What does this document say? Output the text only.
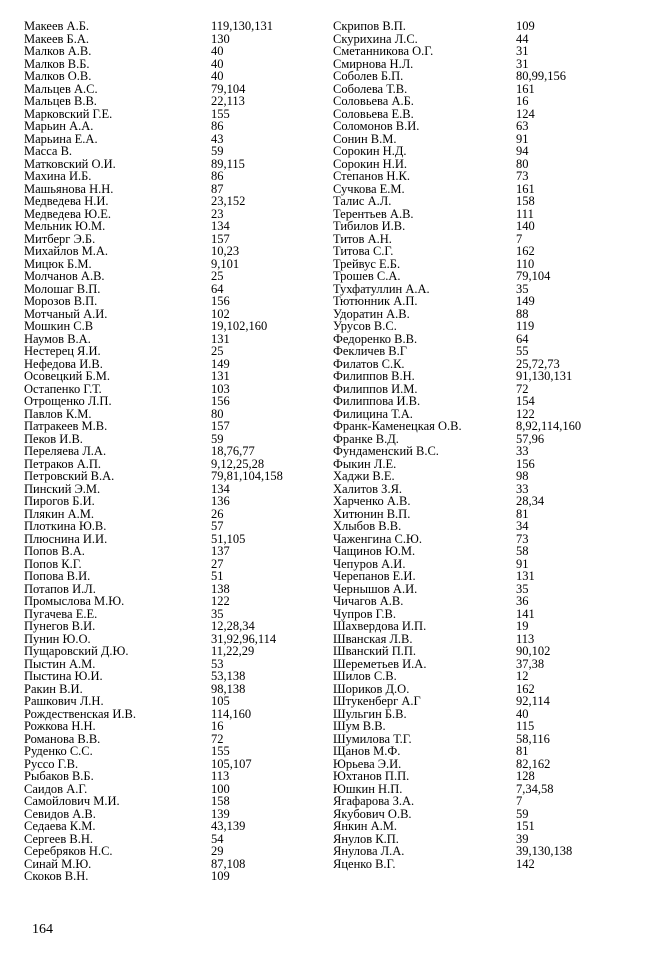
Макеев А.Б.	119,130,131
Макеев Б.А.	130
Малков А.В.	40
Малков В.Б.	40
Малков О.В.	40
Мальцев А.С.	79,104
Мальцев В.В.	22,113
Марковский Г.Е.	155
Марьин А.А.	86
Марьина Е.А.	43
Масса В.	59
Матковский О.И.	89,115
Махина И.Б.	86
Машьянова Н.Н.	87
Медведева Н.И.	23,152
Медведева Ю.Е.	23
Мельник Ю.М.	134
Митберг Э.Б.	157
Михайлов М.А.	10,23
Мицюк Б.М.	9,101
Молчанов А.В.	25
Молошаг В.П.	64
Морозов В.П.	156
Мотчаный А.И.	102
Мошкин С.В	19,102,160
Наумов В.А.	131
Нестерец Я.И.	25
Нефедова И.В.	149
Осовецкий Б.М.	131
Остапенко Г.Т.	103
Отрощенко Л.П.	156
Павлов К.М.	80
Патракеев М.В.	157
Пеков И.В.	59
Переляева Л.А.	18,76,77
Петраков А.П.	9,12,25,28
Петровский В.А.	79,81,104,158
Пинский Э.М.	134
Пирогов Б.И.	136
Плякин А.М.	26
Плоткина Ю.В.	57
Плюснина И.И.	51,105
Попов В.А.	137
Попов К.Г.	27
Попова В.И.	51
Потапов И.Л.	138
Промыслова М.Ю.	122
Пугачева Е.Е.	35
Пунегов В.И.	12,28,34
Пунин Ю.О.	31,92,96,114
Пущаровский Д.Ю.	11,22,29
Пыстин А.М.	53
Пыстина Ю.И.	53,138
Ракин В.И.	98,138
Рашкович Л.Н.	105
Рождественская И.В.	114,160
Рожкова Н.Н.	16
Романова В.В.	72
Руденко С.С.	155
Руссо Г.В.	105,107
Рыбаков В.Б.	113
Саидов А.Г.	100
Самойлович М.И.	158
Севидов А.В.	139
Седаева К.М.	43,139
Сергеев В.Н.	54
Серебряков Н.С.	29
Синай М.Ю.	87,108
Скоков В.Н.	109
Скрипов В.П.	109
Скурихина Л.С.	44
Сметанникова О.Г.	31
Смирнова Н.Л.	31
Соболев Б.П.	80,99,156
Соболева Т.В.	161
Соловьева А.Б.	16
Соловьева Е.В.	124
Соломонов В.И.	63
Сонин В.М.	91
Сорокин Н.Д.	94
Сорокин Н.И.	80
Степанов Н.К.	73
Сучкова Е.М.	161
Талис А.Л.	158
Терентьев А.В.	111
Тибилов И.В.	140
Титов А.Н.	7
Титова С.Г.	162
Трейвус Е.Б.	110
Трошев С.А.	79,104
Тухфатуллин А.А.	35
Тютюнник А.П.	149
Удоратин А.В.	88
Урусов В.С.	119
Федоренко В.В.	64
Фекличев В.Г	55
Филатов С.К.	25,72,73
Филиппов В.Н.	91,130,131
Филиппов И.М.	72
Филиппова И.В.	154
Филицина Т.А.	122
Франк-Каменецкая О.В.	8,92,114,160
Франке В.Д.	57,96
Фундаменский В.С.	33
Фыкин Л.Е.	156
Хаджи В.Е.	98
Халитов З.Я.	33
Харченко А.В.	28,34
Хитюнин В.П.	81
Хлыбов В.В.	34
Чаженгина С.Ю.	73
Чащинов Ю.М.	58
Чепуров А.И.	91
Черепанов Е.И.	131
Чернышов А.И.	35
Чичагов А.В.	36
Чупров Г.В.	141
Шахвердова И.П.	19
Шванская Л.В.	113
Шванский П.П.	90,102
Шереметьев И.А.	37,38
Шилов С.В.	12
Шориков Д.О.	162
Штукенберг А.Г	92,114
Шульгин Б.В.	40
Шум В.В.	115
Шумилова Т.Г.	58,116
Щанов М.Ф.	81
Юрьева Э.И.	82,162
Юхтанов П.П.	128
Юшкин Н.П.	7,34,58
Ягафарова З.А.	7
Якубович О.В.	59
Янкин А.М.	151
Янулов К.П.	39
Янулова Л.А.	39,130,138
Яценко В.Г.	142
164
